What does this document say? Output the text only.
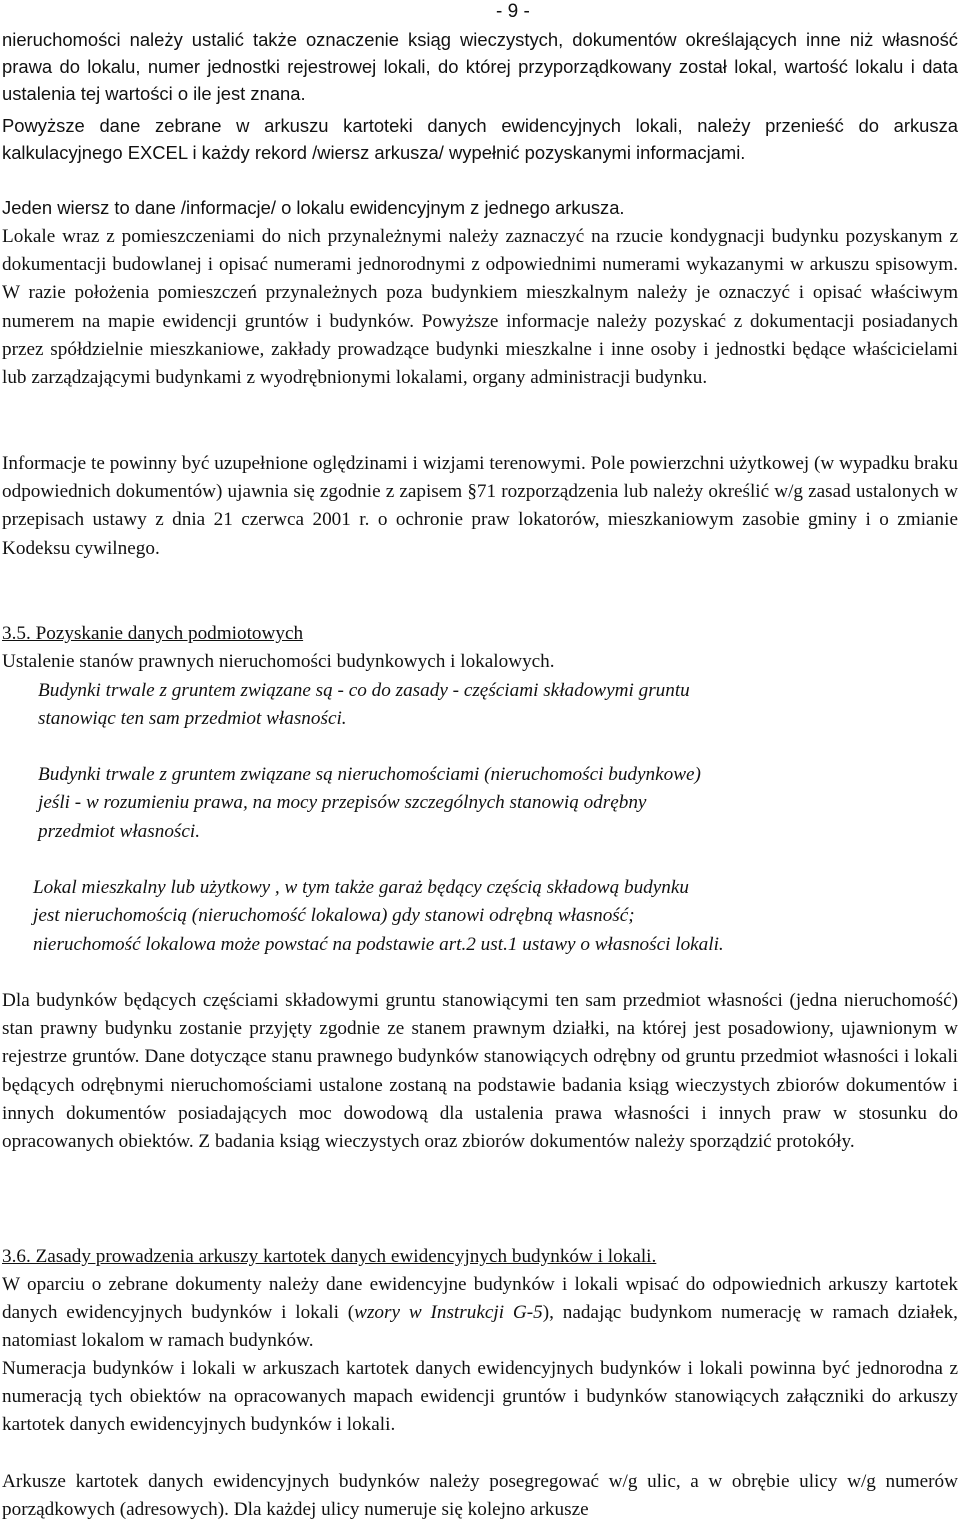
- 9 -

nieruchomości należy ustalić także oznaczenie ksiąg wieczystych, dokumentów określających inne niż własność prawa do lokalu, numer jednostki rejestrowej lokali, do której przyporządkowany został lokal, wartość lokalu i data ustalenia tej wartości o ile jest znana.

Powyższe dane zebrane w arkuszu kartoteki danych ewidencyjnych lokali, należy przenieść do arkusza kalkulacyjnego EXCEL i każdy rekord /wiersz arkusza/ wypełnić pozyskanymi informacjami.

Jeden wiersz to dane /informacje/ o lokalu ewidencyjnym z jednego arkusza.

Lokale wraz z pomieszczeniami do nich przynależnymi należy zaznaczyć na rzucie kondygnacji budynku pozyskanym z dokumentacji budowlanej i opisać numerami jednorodnymi z odpowiednimi numerami wykazanymi w arkuszu spisowym. W razie położenia pomieszczeń przynależnych poza budynkiem mieszkalnym należy je oznaczyć i opisać właściwym numerem na mapie ewidencji gruntów i budynków. Powyższe informacje należy pozyskać z dokumentacji posiadanych przez spółdzielnie mieszkaniowe, zakłady prowadzące budynki mieszkalne i inne osoby i jednostki będące właścicielami lub zarządzającymi budynkami z wyodrębnionymi lokalami, organy administracji budynku.

Informacje te powinny być uzupełnione oględzinami i wizjami terenowymi. Pole powierzchni użytkowej (w wypadku braku odpowiednich dokumentów) ujawnia się zgodnie z zapisem §71 rozporządzenia lub należy określić w/g zasad ustalonych w przepisach ustawy z dnia 21 czerwca 2001 r. o ochronie praw lokatorów, mieszkaniowym zasobie gminy i o zmianie Kodeksu cywilnego.

3.5. Pozyskanie danych podmiotowych

Ustalenie stanów prawnych nieruchomości budynkowych i lokalowych.

Budynki trwale z gruntem związane są - co do zasady - częściami składowymi gruntu
stanowiąc ten sam przedmiot własności.
Budynki trwale z gruntem związane są nieruchomościami (nieruchomości budynkowe)
jeśli - w rozumieniu prawa, na mocy przepisów szczególnych stanowią odrębny
przedmiot własności.
Lokal mieszkalny lub użytkowy , w tym także garaż będący częścią składową budynku
jest nieruchomością (nieruchomość lokalowa) gdy stanowi odrębną własność;
nieruchomość lokalowa może powstać na podstawie art.2 ust.1 ustawy o własności lokali.

Dla budynków będących częściami składowymi gruntu stanowiącymi ten sam przedmiot własności (jedna nieruchomość) stan prawny budynku zostanie przyjęty zgodnie ze stanem prawnym działki, na której jest posadowiony, ujawnionym w rejestrze gruntów. Dane dotyczące stanu prawnego budynków stanowiących odrębny od gruntu przedmiot własności i lokali będących odrębnymi nieruchomościami ustalone zostaną na podstawie badania ksiąg wieczystych zbiorów dokumentów i innych dokumentów posiadających moc dowodową dla ustalenia prawa własności i innych praw w stosunku do opracowanych obiektów. Z badania ksiąg wieczystych oraz zbiorów dokumentów należy sporządzić protokóły.

3.6. Zasady prowadzenia arkuszy kartotek danych ewidencyjnych budynków i lokali.

W oparciu o zebrane dokumenty należy dane ewidencyjne budynków i lokali wpisać do odpowiednich arkuszy kartotek danych ewidencyjnych budynków i lokali (wzory w Instrukcji G-5), nadając budynkom numerację w ramach działek, natomiast lokalom w ramach budynków.

Numeracja budynków i lokali w arkuszach kartotek danych ewidencyjnych budynków i lokali powinna być jednorodna z numeracją tych obiektów na opracowanych mapach ewidencji gruntów i budynków stanowiących załączniki do arkuszy kartotek danych ewidencyjnych budynków i lokali.

Arkusze kartotek danych ewidencyjnych budynków należy posegregować w/g ulic, a w obrębie ulicy w/g numerów porządkowych (adresowych). Dla każdej ulicy numeruje się kolejno arkusze
